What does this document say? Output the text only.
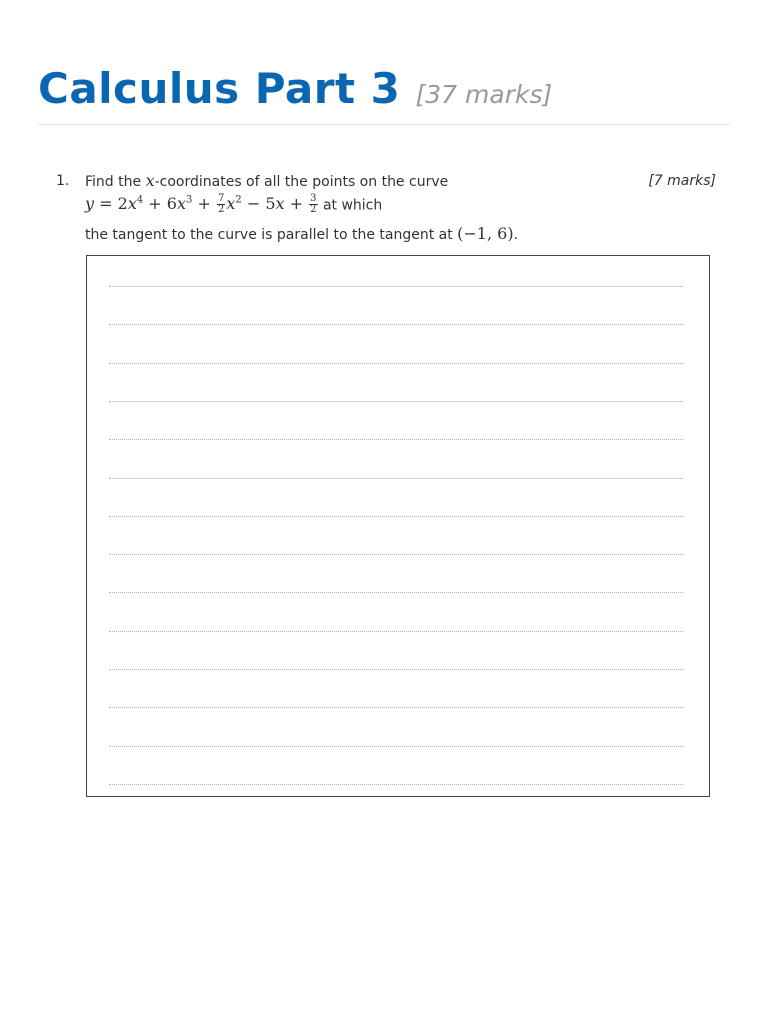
Calculus Part 3 [37 marks]
1. Find the x-coordinates of all the points on the curve
$y = 2x^4 + 6x^3 + \frac{7}{2} x^2 - 5x + \frac{3}{2}$ at which
the tangent to the curve is parallel to the tangent at (−1, 6).
[7 marks]
